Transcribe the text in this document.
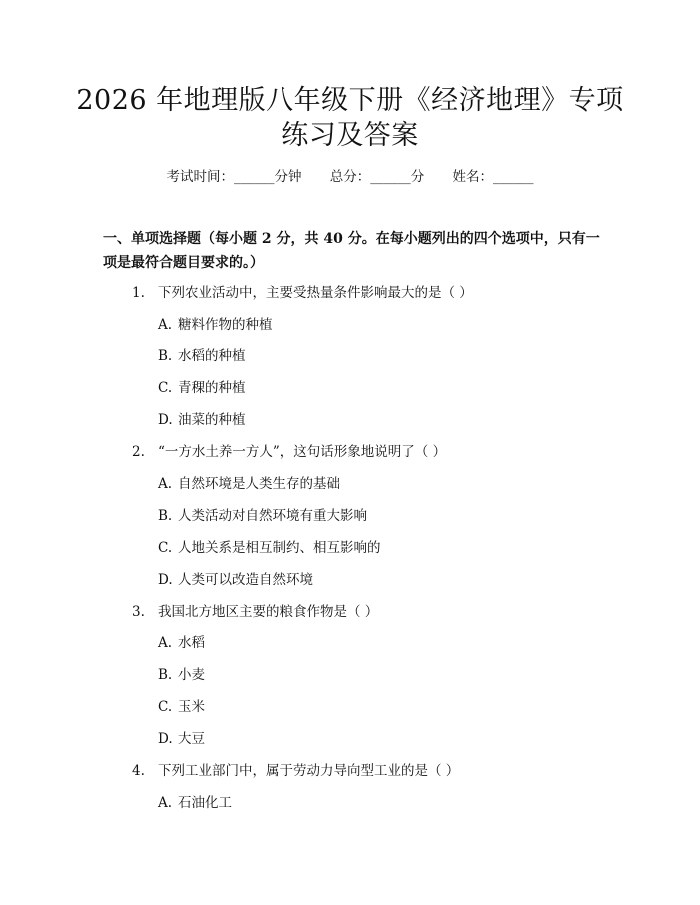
2026 年地理版八年级下册《经济地理》专项
练习及答案
考试时间：______分钟 总分：______分 姓名：______
一、单项选择题（每小题 2 分，共 40 分。在每小题列出的四个选项中，只有一项是最符合题目要求的。）
1. 下列农业活动中，主要受热量条件影响最大的是（ ）
A. 糖料作物的种植
B. 水稻的种植
C. 青稞的种植
D. 油菜的种植
2. “一方水土养一方人”，这句话形象地说明了（ ）
A. 自然环境是人类生存的基础
B. 人类活动对自然环境有重大影响
C. 人地关系是相互制约、相互影响的
D. 人类可以改造自然环境
3. 我国北方地区主要的粮食作物是（ ）
A. 水稻
B. 小麦
C. 玉米
D. 大豆
4. 下列工业部门中，属于劳动力导向型工业的是（ ）
A. 石油化工
